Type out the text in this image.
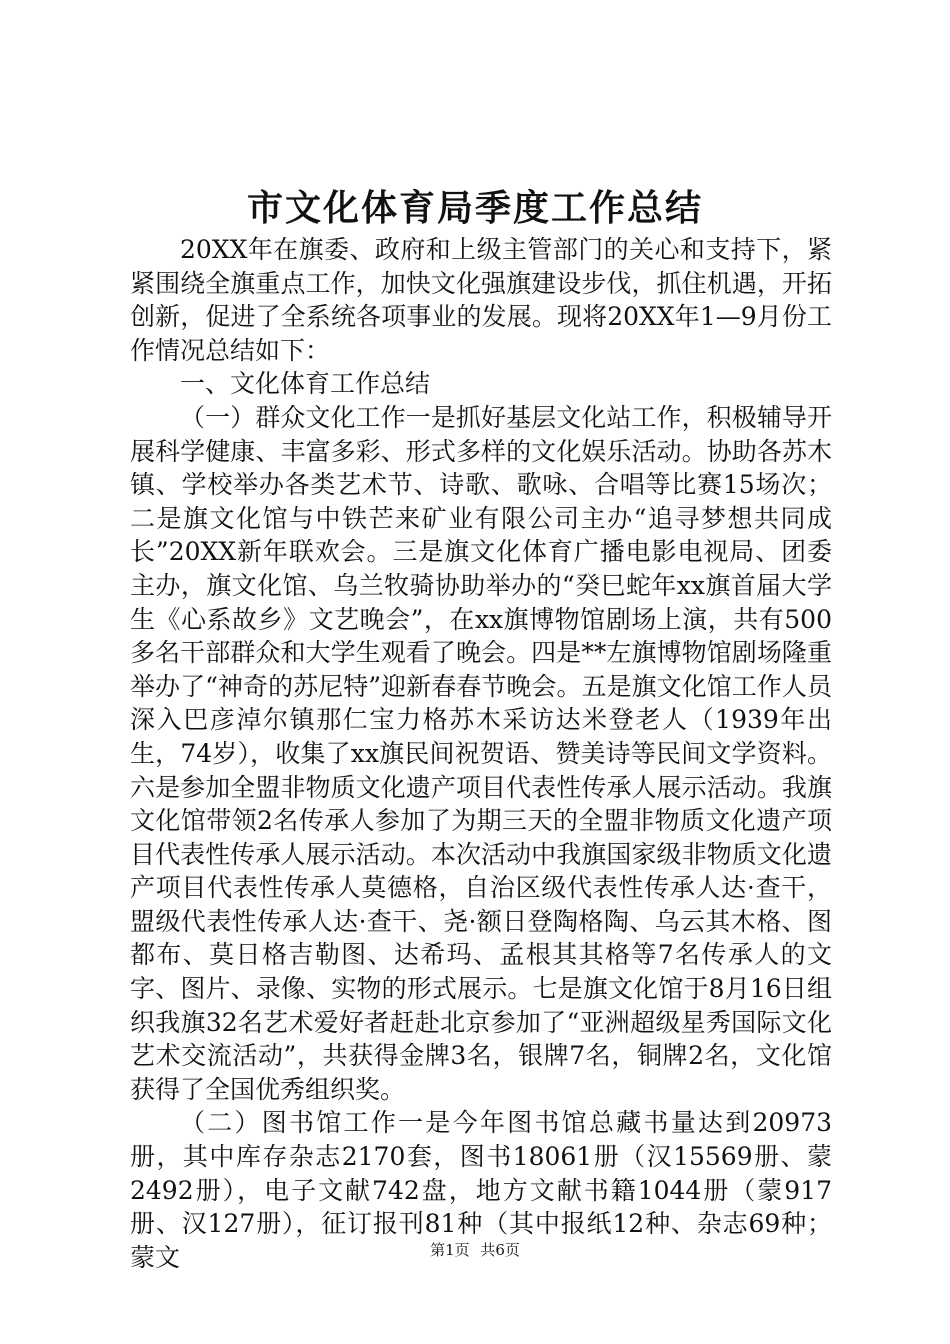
市文化体育局季度工作总结

20XX年在旗委、政府和上级主管部门的关心和支持下，紧紧围绕全旗重点工作，加快文化强旗建设步伐，抓住机遇，开拓创新，促进了全系统各项事业的发展。现将20XX年1—9月份工作情况总结如下：

一、文化体育工作总结

（一）群众文化工作一是抓好基层文化站工作，积极辅导开展科学健康、丰富多彩、形式多样的文化娱乐活动。协助各苏木镇、学校举办各类艺术节、诗歌、歌咏、合唱等比赛15场次；二是旗文化馆与中铁芒来矿业有限公司主办“追寻梦想共同成长”20XX新年联欢会。三是旗文化体育广播电影电视局、团委主办，旗文化馆、乌兰牧骑协助举办的“癸巳蛇年xx旗首届大学生《心系故乡》文艺晚会”，在xx旗博物馆剧场上演，共有500多名干部群众和大学生观看了晚会。四是**左旗博物馆剧场隆重举办了“神奇的苏尼特”迎新春春节晚会。五是旗文化馆工作人员深入巴彦淖尔镇那仁宝力格苏木采访达米登老人（1939年出生，74岁），收集了xx旗民间祝贺语、赞美诗等民间文学资料。六是参加全盟非物质文化遗产项目代表性传承人展示活动。我旗文化馆带领2名传承人参加了为期三天的全盟非物质文化遗产项目代表性传承人展示活动。本次活动中我旗国家级非物质文化遗产项目代表性传承人莫德格，自治区级代表性传承人达·查干，盟级代表性传承人达·查干、尧·额日登陶格陶、乌云其木格、图都布、莫日格吉勒图、达希玛、孟根其其格等7名传承人的文字、图片、录像、实物的形式展示。七是旗文化馆于8月16日组织我旗32名艺术爱好者赶赴北京参加了“亚洲超级星秀国际文化艺术交流活动”，共获得金牌3名，银牌7名，铜牌2名，文化馆获得了全国优秀组织奖。

（二）图书馆工作一是今年图书馆总藏书量达到20973册，其中库存杂志2170套，图书18061册（汉15569册、蒙2492册），电子文献742盘，地方文献书籍1044册（蒙917册、汉127册），征订报刊81种（其中报纸12种、杂志69种；蒙文	第1页 共6页
